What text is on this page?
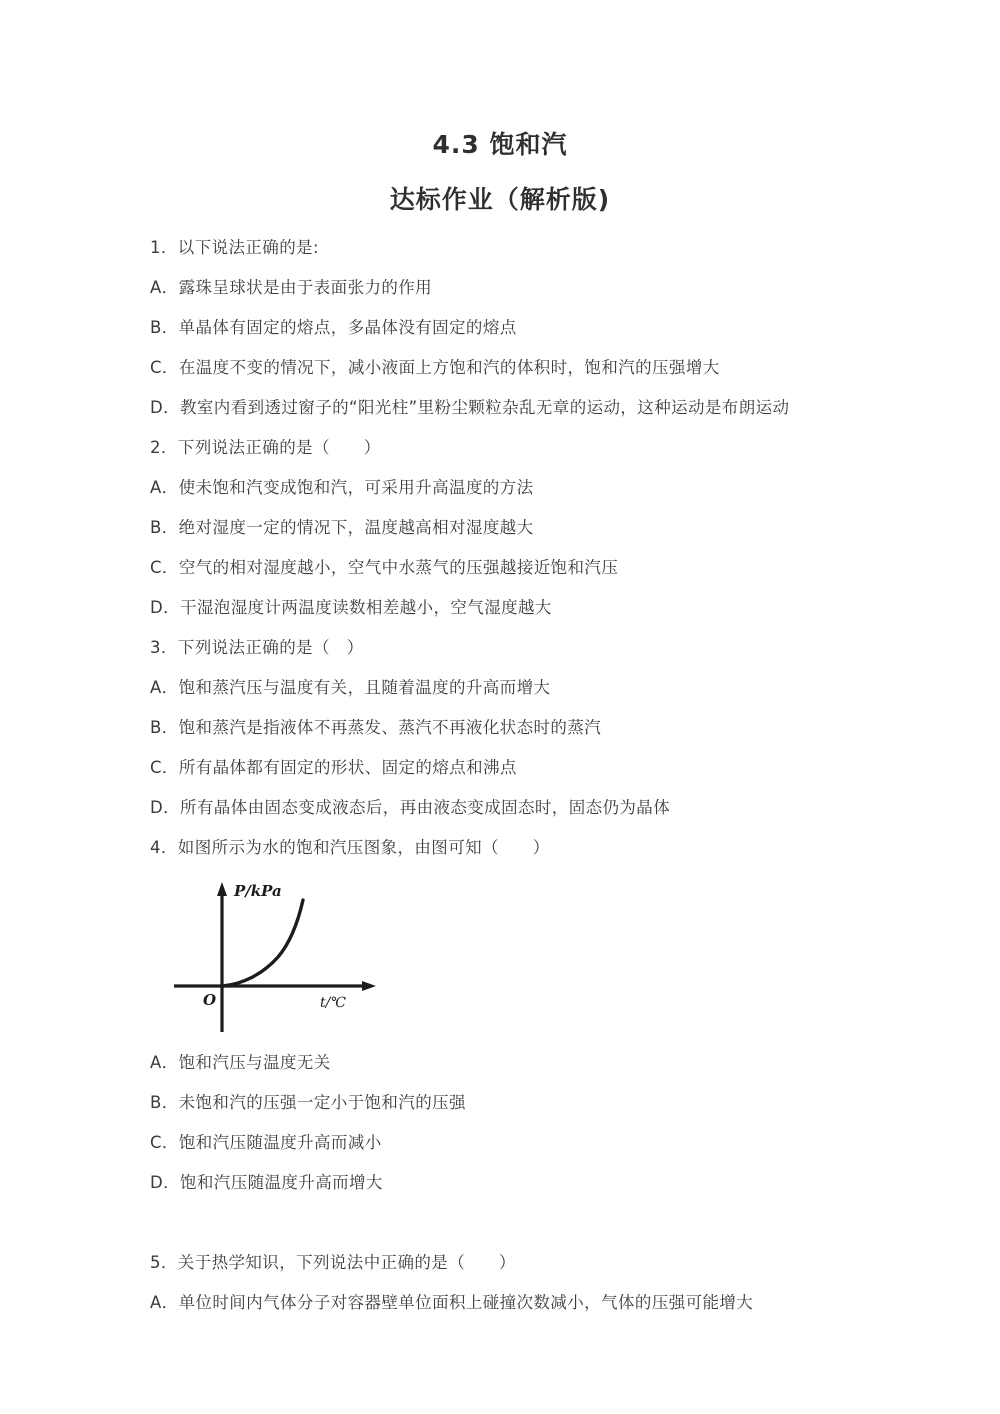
4.3 饱和汽
达标作业（解析版)
1．以下说法正确的是:
A．露珠呈球状是由于表面张力的作用
B．单晶体有固定的熔点，多晶体没有固定的熔点
C．在温度不变的情况下，减小液面上方饱和汽的体积时，饱和汽的压强增大
D．教室内看到透过窗子的“阳光柱”里粉尘颗粒杂乱无章的运动，这种运动是布朗运动
2．下列说法正确的是（　　）
A．使未饱和汽变成饱和汽，可采用升高温度的方法
B．绝对湿度一定的情况下，温度越高相对湿度越大
C．空气的相对湿度越小，空气中水蒸气的压强越接近饱和汽压
D．干湿泡湿度计两温度读数相差越小，空气湿度越大
3．下列说法正确的是（　）
A．饱和蒸汽压与温度有关，且随着温度的升高而增大
B．饱和蒸汽是指液体不再蒸发、蒸汽不再液化状态时的蒸汽
C．所有晶体都有固定的形状、固定的熔点和沸点
D．所有晶体由固态变成液态后，再由液态变成固态时，固态仍为晶体
4．如图所示为水的饱和汽压图象，由图可知（　　）
P/kPa
t/℃
O
A．饱和汽压与温度无关
B．未饱和汽的压强一定小于饱和汽的压强
C．饱和汽压随温度升高而减小
D．饱和汽压随温度升高而增大
5．关于热学知识，下列说法中正确的是（　　）
A．单位时间内气体分子对容器壁单位面积上碰撞次数减小，气体的压强可能增大
